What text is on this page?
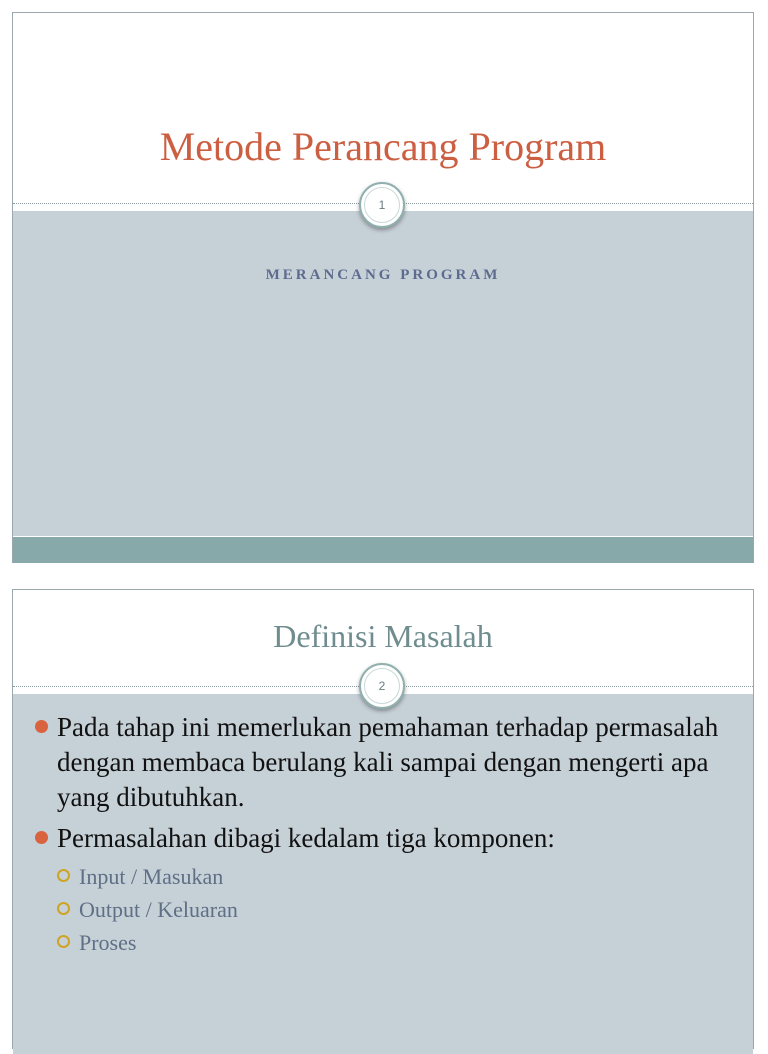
Metode Perancang Program
MERANCANG PROGRAM
1
Definisi Masalah
2
Pada tahap ini memerlukan pemahaman terhadap permasalah dengan membaca berulang kali sampai dengan mengerti apa yang dibutuhkan.
Permasalahan dibagi kedalam tiga komponen:
Input / Masukan
Output / Keluaran
Proses
